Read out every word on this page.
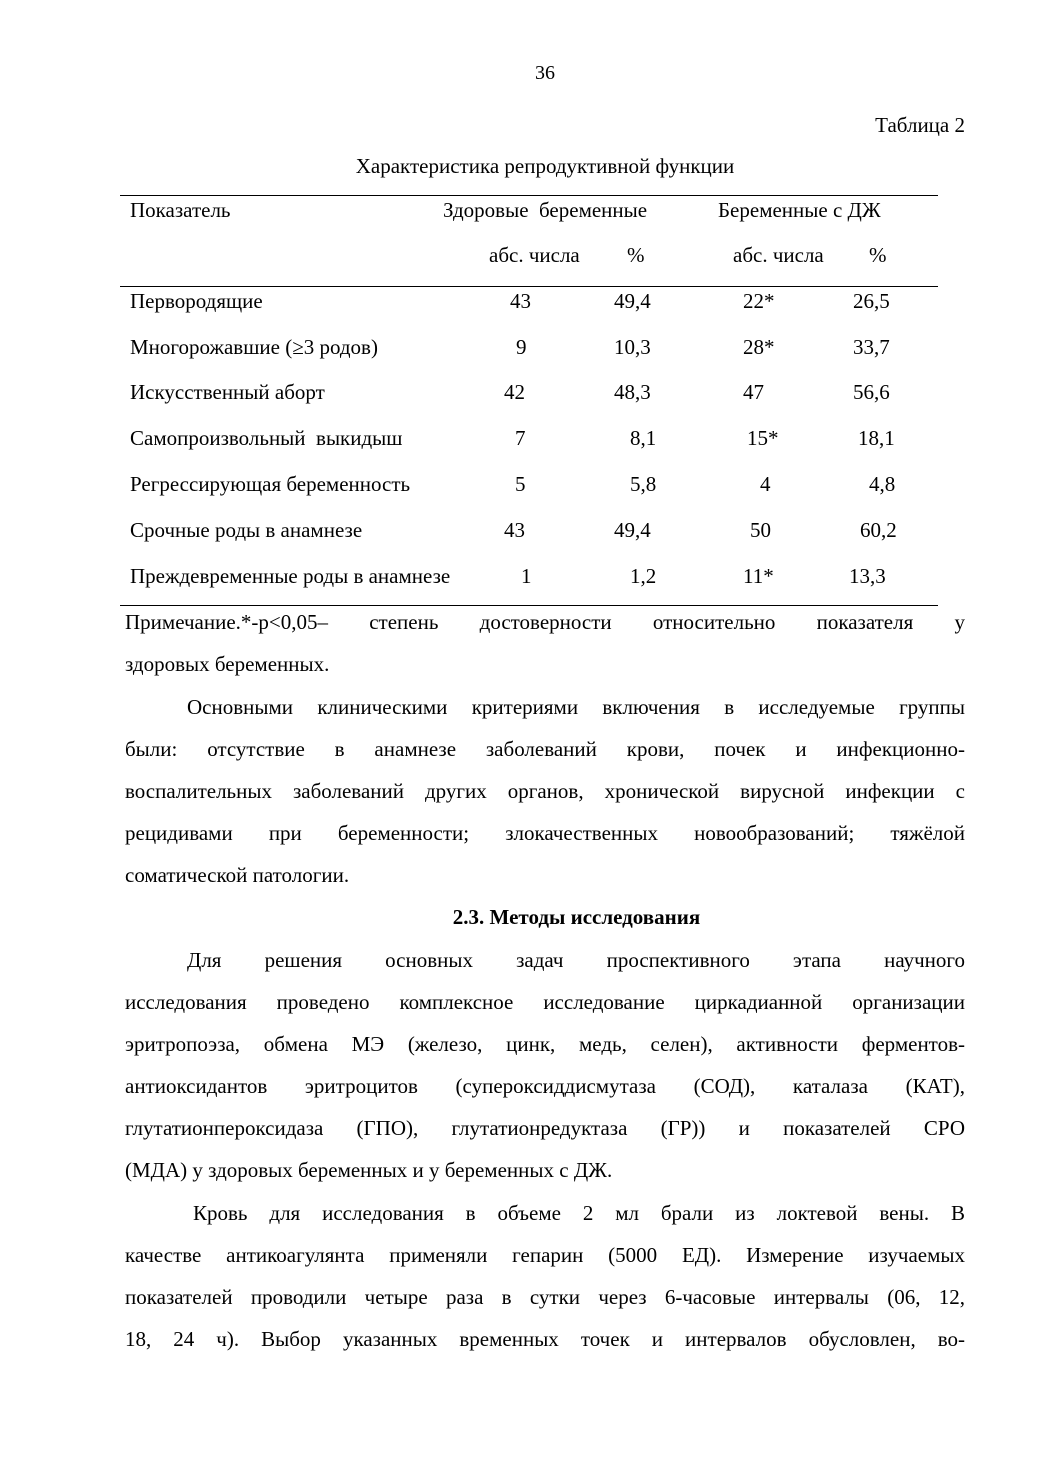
36
Таблица 2
Характеристика репродуктивной функции
Показатель	Здоровые  беременные	Беременные с ДЖ
абс. числа %	абс. числа %
Первородящие	43	49,4	22*	26,5
Многорожавшие (≥3 родов)	9	10,3	28*	33,7
Искусственный аборт	42	48,3	47	56,6
Самопроизвольный  выкидыш	7	8,1	15*	18,1
Регрессирующая беременность	5	5,8	4	4,8
Срочные роды в анамнезе	43	49,4	50	60,2
Преждевременные роды в анамнезе	1	1,2	11*	13,3
Примечание.*-p<0,05– степень достоверности относительно показателя у
здоровых беременных.
Основными клиническими критериями включения в исследуемые группы
были: отсутствие в анамнезе заболеваний крови, почек и инфекционно-
воспалительных заболеваний других органов, хронической вирусной инфекции с
рецидивами при беременности; злокачественных новообразований; тяжёлой
соматической патологии.
2.3. Методы исследования
Для решения основных задач проспективного этапа научного
исследования проведено комплексное исследование циркадианной организации
эритропоэза, обмена МЭ (железо, цинк, медь, селен), активности ферментов-
антиоксидантов эритроцитов (супероксиддисмутаза (СОД), каталаза (КАТ),
глутатионпероксидаза (ГПО), глутатионредуктаза (ГР)) и показателей СРО
(МДА) у здоровых беременных и у беременных с ДЖ.
Кровь для исследования в объеме 2 мл брали из локтевой вены. В
качестве антикоагулянта применяли гепарин (5000 ЕД). Измерение изучаемых
показателей проводили четыре раза в сутки через 6-часовые интервалы (06, 12,
18, 24 ч). Выбор указанных временных точек и интервалов обусловлен, во-
